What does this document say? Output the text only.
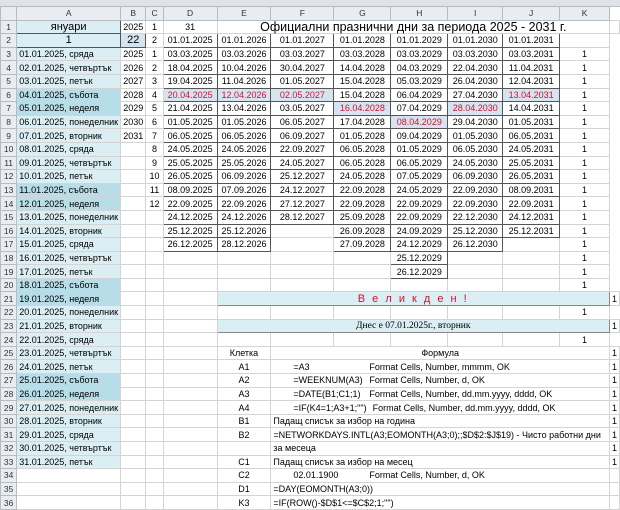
	A	B	C	D	E	F	G	H	I	J	K	
1	януари	2025	1	31	Официални празнични дни за периода 2025 - 2031 г.							
2	1	22	2	01.01.2025	01.01.2026	01.01.2027	01.01.2028	01.01.2029	01.01.2030	01.01.2031		
3	01.01.2025, сряда	2025	1	03.03.2025	03.03.2026	03.03.2027	03.03.2028	03.03.2029	03.03.2030	03.03.2031	1	
4	02.01.2025, четвъртък	2026	2	18.04.2025	10.04.2026	30.04.2027	14.04.2028	04.03.2029	22.04.2030	11.04.2031	1	
5	03.01.2025, петък	2027	3	19.04.2025	11.04.2026	01.05.2027	15.04.2028	05.03.2029	26.04.2030	12.04.2031	1	
6	04.01.2025, събота	2028	4	20.04.2025	12.04.2026	02.05.2027	15.04.2028	06.04.2029	27.04.2030	13.04.2031	1	
7	05.01.2025, неделя	2029	5	21.04.2025	13.04.2026	03.05.2027	16.04.2028	07.04.2029	28.04.2030	14.04.2031	1	
8	06.01.2025, понеделник	2030	6	01.05.2025	01.05.2026	06.05.2027	17.04.2028	08.04.2029	29.04.2030	01.05.2031	1	
9	07.01.2025, вторник	2031	7	06.05.2025	06.05.2026	06.09.2027	01.05.2028	09.04.2029	01.05.2030	06.05.2031	1	
10	08.01.2025, сряда		8	24.05.2025	24.05.2026	22.09.2027	06.05.2028	01.05.2029	06.05.2030	24.05.2031	1	
11	09.01.2025, четвъртък		9	25.05.2025	25.05.2026	24.05.2027	06.05.2028	06.05.2029	24.05.2030	25.05.2031	1	
12	10.01.2025, петък		10	26.05.2025	06.09.2026	25.12.2027	24.05.2028	07.05.2029	06.09.2030	26.05.2031	1	
13	11.01.2025, събота		11	08.09.2025	07.09.2026	24.12.2027	22.09.2028	24.05.2029	22.09.2030	08.09.2031	1	
14	12.01.2025, неделя		12	22.09.2025	22.09.2026	27.12.2027	22.09.2028	22.09.2029	22.09.2030	22.09.2031	1	
15	13.01.2025, понеделник			24.12.2025	24.12.2026	28.12.2027	25.09.2028	22.09.2029	22.12.2030	24.12.2031	1	
16	14.01.2025, вторник			25.12.2025	25.12.2026		26.09.2028	24.09.2029	25.12.2030	25.12.2031	1	
17	15.01.2025, сряда			26.12.2025	28.12.2026		27.09.2028	24.12.2029	26.12.2030		1	
18	16.01.2025, четвъртък							25.12.2029			1	
19	17.01.2025, петък							26.12.2029			1	
20	18.01.2025, събота										1	
21	19.01.2025, неделя				В е л и к д е н !							1
22	20.01.2025, понеделник										1	
23	21.01.2025, вторник				Днес е 07.01.2025г., вторник							1
24	22.01.2025, сряда										1	
25	23.01.2025, четвъртък				Клетка	Формула						1
26	24.01.2025, петък				A1	=A3 Format Cells, Number, mmmm, OK						1
27	25.01.2025, събота				A2	=WEEKNUM(A3) Format Cells, Number, d, OK						1
28	26.01.2025, неделя				A3	=DATE(B1;C1;1) Format Cells, Number, dd.mm.yyyy, dddd, OK						1
29	27.01.2025, понеделник				A4	=IF(K4=1;A3+1;"") Format Cells, Number, dd.mm.yyyy, dddd, OK						1
30	28.01.2025, вторник				B1	Падащ списък за избор на година						1
31	29.01.2025, сряда				B2	=NETWORKDAYS.INTL(A3;EOMONTH(A3;0);;$D$2:$J$19) - Чисто работни дни						1
32	30.01.2025, четвъртък					за месеца						1
33	31.01.2025, петък				C1	Падащ списък за избор на месец						1
34					C2	02.01.1900 Format Cells, Number, d, OK						
35					D1	=DAY(EOMONTH(A3;0))						
36					K3	=IF(ROW()-$D$1<=$C$2;1;"")						
